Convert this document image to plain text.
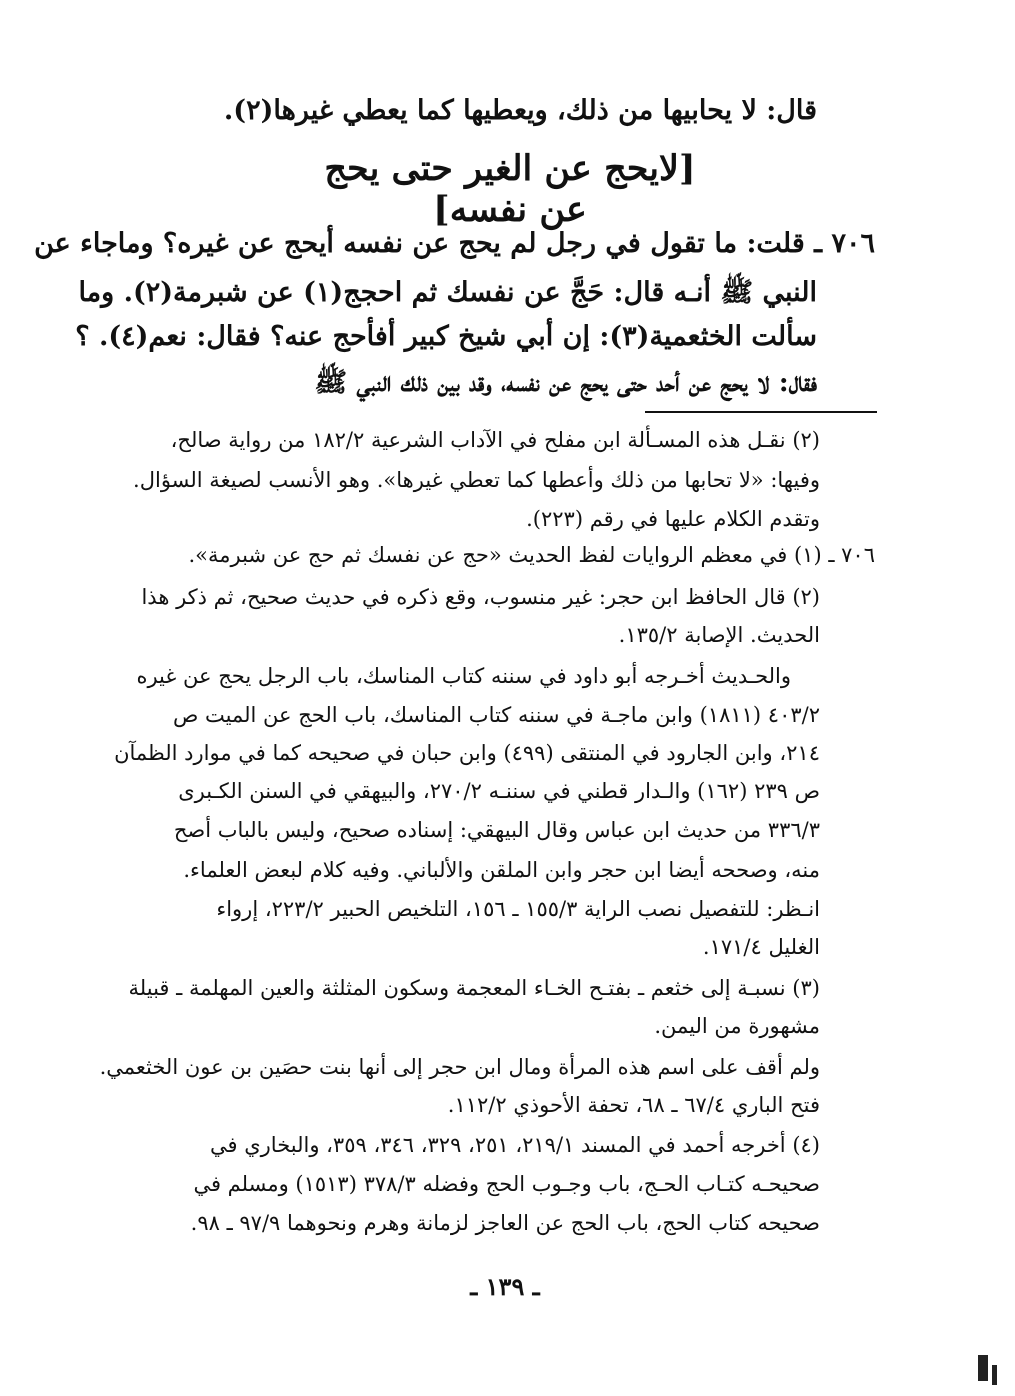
قال: لا يحابيها من ذلك، ويعطيها كما يعطي غيرها(٢).
[لايحج عن الغير حتى يحج عن نفسه]
٧٠٦ ـ قلت: ما تقول في رجل لم يحج عن نفسه أيحج عن غيره؟ وماجاء عن
النبي ﷺ أنـه قال: حَجَّ عن نفسك ثم احجج(١) عن شبرمة(٢). وما
سألت الخثعمية(٣): إن أبي شيخ كبير أفأحج عنه؟ فقال: نعم(٤). ؟
فقال: لا يحج عن أحد حتى يحج عن نفسه، وقد بين ذلك النبي ﷺ
(٢) نقـل هذه المسـألة ابن مفلح في الآداب الشرعية ١٨٢/٢ من رواية صالح،
وفيها: «لا تحابها من ذلك وأعطها كما تعطي غيرها». وهو الأنسب لصيغة السؤال.
وتقدم الكلام عليها في رقم (٢٢٣).
٧٠٦ ـ (١) في معظم الروايات لفظ الحديث «حج عن نفسك ثم حج عن شبرمة».
(٢) قال الحافظ ابن حجر: غير منسوب، وقع ذكره في حديث صحيح، ثم ذكر هذا
الحديث. الإصابة ١٣٥/٢.
والحـديث أخـرجه أبو داود في سننه كتاب المناسك، باب الرجل يحج عن غيره
٤٠٣/٢ (١٨١١) وابن ماجـة في سننه كتاب المناسك، باب الحج عن الميت ص
٢١٤، وابن الجارود في المنتقى (٤٩٩) وابن حبان في صحيحه كما في موارد الظمآن
ص ٢٣٩ (١٦٢) والـدار قطني في سننـه ٢٧٠/٢، والبيهقي في السنن الكـبرى
٣٣٦/٣ من حديث ابن عباس وقال البيهقي: إسناده صحيح، وليس بالباب أصح
منه، وصححه أيضا ابن حجر وابن الملقن والألباني. وفيه كلام لبعض العلماء.
انـظر: للتفصيل نصب الراية ١٥٥/٣ ـ ١٥٦، التلخيص الحبير ٢٢٣/٢، إرواء
الغليل ١٧١/٤.
(٣) نسبـة إلى خثعم ـ بفتـح الخـاء المعجمة وسكون المثلثة والعين المهلمة ـ قبيلة
مشهورة من اليمن.
ولم أقف على اسم هذه المرأة ومال ابن حجر إلى أنها بنت حصَين بن عون الخثعمي.
فتح الباري ٦٧/٤ ـ ٦٨، تحفة الأحوذي ١١٢/٢.
(٤) أخرجه أحمد في المسند ٢١٩/١، ٢٥١، ٣٢٩، ٣٤٦، ٣٥٩، والبخاري في
صحيحـه كتـاب الحـج، باب وجـوب الحج وفضله ٣٧٨/٣ (١٥١٣) ومسلم في
صحيحه كتاب الحج، باب الحج عن العاجز لزمانة وهرم ونحوهما ٩٧/٩ ـ ٩٨.
ـ ١٣٩ ـ
